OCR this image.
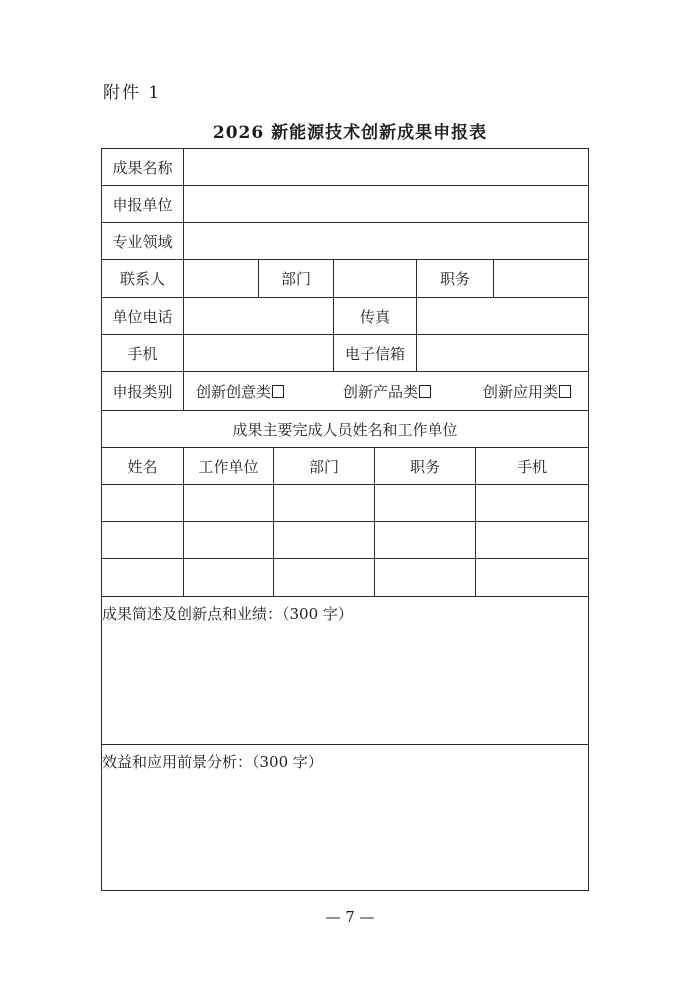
附件 1
2026 新能源技术创新成果申报表
成果名称
申报单位
专业领域
联系人	部门	职务
单位电话	传真
手机	电子信箱
申报类别	创新创意类	创新产品类	创新应用类
成果主要完成人员姓名和工作单位
姓名	工作单位	部门	职务	手机
成果简述及创新点和业绩：（300 字）
效益和应用前景分析：（300 字）
— 7 —
